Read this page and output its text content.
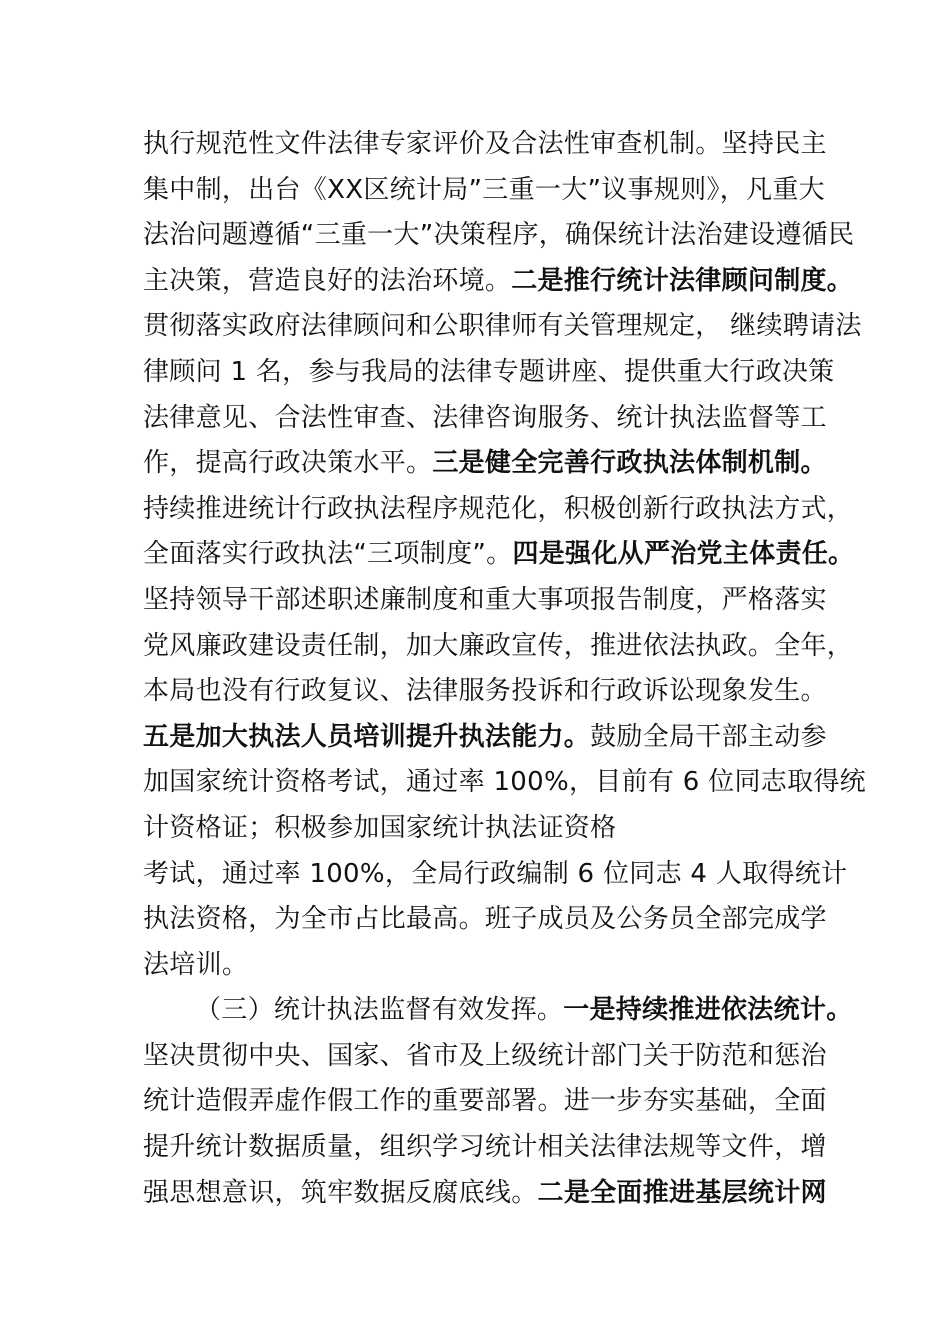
执行规范性文件法律专家评价及合法性审查机制。坚持民主
集中制，出台《XX区统计局”三重一大”议事规则》，凡重大
法治问题遵循“三重一大”决策程序，确保统计法治建设遵循民
主决策，营造良好的法治环境。二是推行统计法律顾问制度。
贯彻落实政府法律顾问和公职律师有关管理规定， 继续聘请法
律顾问 1 名，参与我局的法律专题讲座、提供重大行政决策
法律意见、合法性审查、法律咨询服务、统计执法监督等工
作，提高行政决策水平。三是健全完善行政执法体制机制。
持续推进统计行政执法程序规范化，积极创新行政执法方式，
全面落实行政执法“三项制度”。四是强化从严治党主体责任。
坚持领导干部述职述廉制度和重大事项报告制度，严格落实
党风廉政建设责任制，加大廉政宣传，推进依法执政。全年，
本局也没有行政复议、法律服务投诉和行政诉讼现象发生。
五是加大执法人员培训提升执法能力。鼓励全局干部主动参
加国家统计资格考试，通过率 100%，目前有 6 位同志取得统
计资格证；积极参加国家统计执法证资格
考试，通过率 100%，全局行政编制 6 位同志 4 人取得统计
执法资格，为全市占比最高。班子成员及公务员全部完成学
法培训。
（三）统计执法监督有效发挥。一是持续推进依法统计。
坚决贯彻中央、国家、省市及上级统计部门关于防范和惩治
统计造假弄虚作假工作的重要部署。进一步夯实基础，全面
提升统计数据质量，组织学习统计相关法律法规等文件，增
强思想意识，筑牢数据反腐底线。二是全面推进基层统计网
